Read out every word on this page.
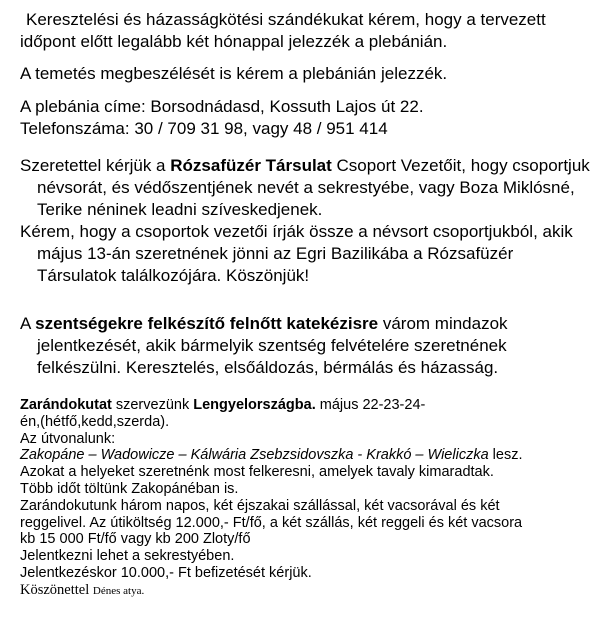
Keresztelési és házasságkötési szándékukat kérem, hogy a tervezett

időpont előtt legalább két hónappal jelezzék a plebánián.

A temetés megbeszélését is kérem a plebánián jelezzék.

A plebánia címe: Borsodnádasd, Kossuth Lajos út 22.

Telefonszáma: 30 / 709 31 98, vagy 48 / 951 414

Szeretettel kérjük a Rózsafüzér Társulat Csoport Vezetőit, hogy csoportjuk névsorát, és védőszentjének nevét a sekrestyébe, vagy Boza Miklósné, Terike néninek leadni szíveskedjenek.

Kérem, hogy a csoportok vezetői írják össze a névsort csoportjukból, akik május 13-án szeretnének jönni az Egri Bazilikába a Rózsafüzér Társulatok találkozójára. Köszönjük!

A szentségekre felkészítő felnőtt katekézisre várom mindazok jelentkezését, akik bármelyik szentség felvételére szeretnének felkészülni. Keresztelés, elsőáldozás, bérmálás és házasság.

Zarándokutat szervezünk Lengyelországba. május 22-23-24-
én,(hétfő,kedd,szerda).
Az útvonalunk:
Zakopáne – Wadowicze – Kálwária Zsebzsidovszka - Krakkó – Wieliczka lesz.
Azokat a helyeket szeretnénk most felkeresni, amelyek tavaly kimaradtak.
Több időt töltünk Zakopánéban is.
Zarándokutunk három napos, két éjszakai szállással, két vacsorával és két
reggelivel. Az útiköltség 12.000,- Ft/fő, a két szállás, két reggeli és két vacsora
kb 15 000 Ft/fő vagy kb 200 Zloty/fő
Jelentkezni lehet a sekrestyében.
Jelentkezéskor 10.000,- Ft befizetését kérjük.
Köszönettel Dénes atya.
